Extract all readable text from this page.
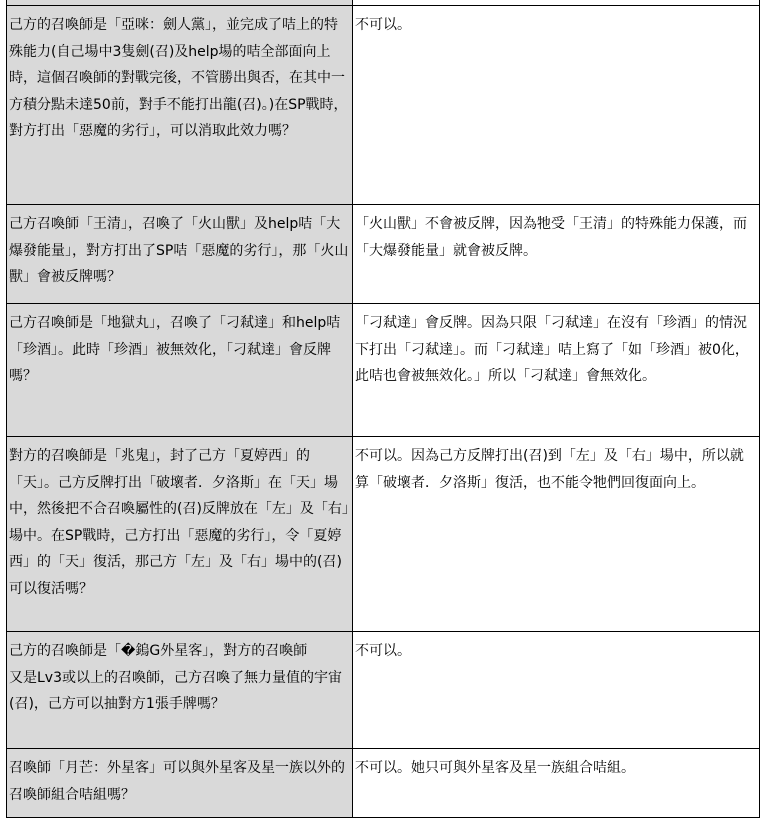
己方的召喚師是「亞咪：劍人黨」，並完成了咭上的特殊能力(自己場中3隻劍(召)及help場的咭全部面向上時，這個召喚師的對戰完後，不管勝出與否，在其中一方積分點未達50前，對手不能打出龍(召)。)在SP戰時，對方打出「惡魔的劣行」，可以消取此效力嗎？	不可以。
己方召喚師「王清」，召喚了「火山獸」及help咭「大爆發能量」，對方打出了SP咭「惡魔的劣行」，那「火山獸」會被反牌嗎？	「火山獸」不會被反牌，因為牠受「王清」的特殊能力保護，而「大爆發能量」就會被反牌。
己方召喚師是「地獄丸」，召喚了「刁弒達」和help咭「珍酒」。此時「珍酒」被無效化，「刁弒達」會反牌嗎？	「刁弒達」會反牌。因為只限「刁弒達」在沒有「珍酒」的情況下打出「刁弒達」。而「刁弒達」咭上寫了「如「珍酒」被0化，此咭也會被無效化。」所以「刁弒達」會無效化。
對方的召喚師是「兆鬼」，封了己方「夏婷西」的「天」。己方反牌打出「破壞者．夕洛斯」在「天」場中，然後把不合召喚屬性的(召)反牌放在「左」及「右」場中。在SP戰時，己方打出「惡魔的劣行」，令「夏婷西」的「天」復活，那己方「左」及「右」場中的(召)可以復活嗎？	不可以。因為己方反牌打出(召)到「左」及「右」場中，所以就算「破壞者．夕洛斯」復活，也不能令牠們回復面向上。
己方的召喚師是「�鎢G外星客」，對方的召喚師
又是Lv3或以上的召喚師，己方召喚了無力量值的宇宙(召)，己方可以抽對方1張手牌嗎？	不可以。
召喚師「月芒：外星客」可以與外星客及星一族以外的召喚師組合咭組嗎？	不可以。她只可與外星客及星一族組合咭組。
